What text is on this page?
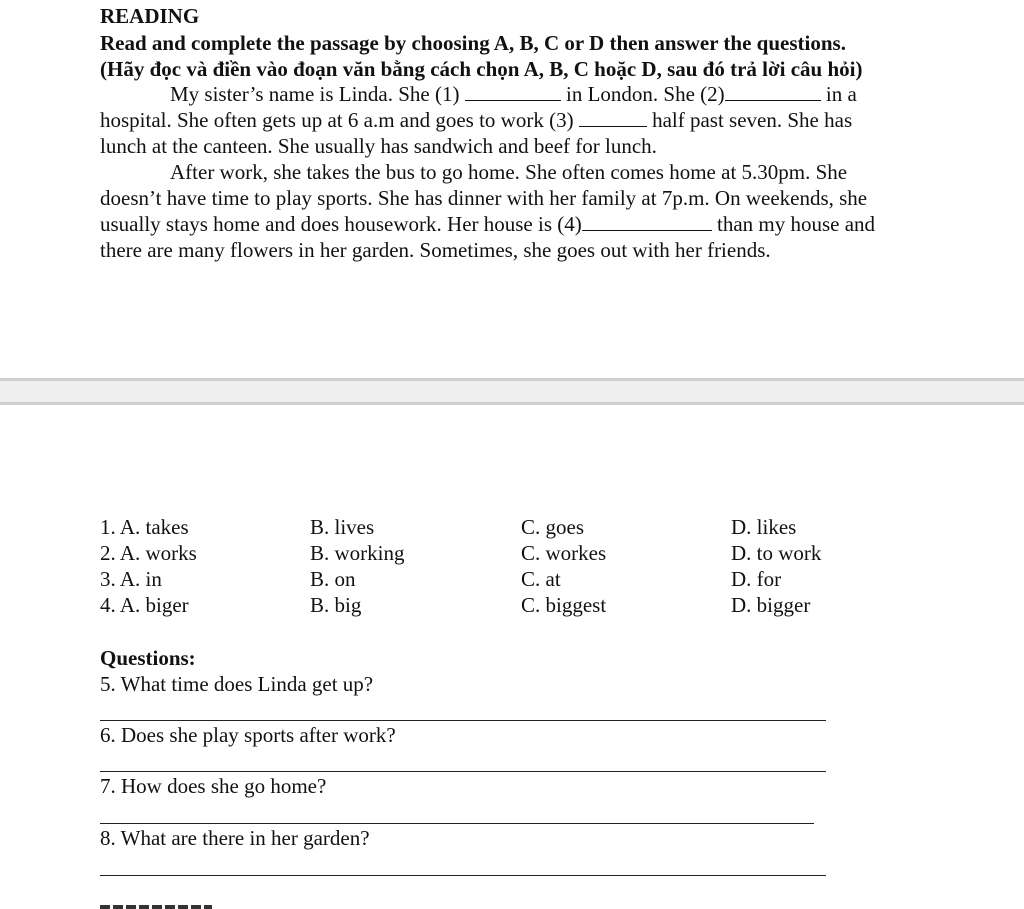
READING
Read and complete the passage by choosing A, B, C or D then answer the questions.
(Hãy đọc và điền vào đoạn văn bằng cách chọn A, B, C hoặc D, sau đó trả lời câu hỏi)
My sister’s name is Linda. She (1)	in London. She (2)	in a
hospital. She often gets up at 6 a.m and goes to work (3)	half past seven. She has
lunch at the canteen. She usually has sandwich and beef for lunch.
After work, she takes the bus to go home. She often comes home at 5.30pm. She
doesn’t have time to play sports. She has dinner with her family at 7p.m. On weekends, she
usually stays home and does housework. Her house is (4)	than my house and
there are many flowers in her garden. Sometimes, she goes out with her friends.
1. A. takes	B. lives	C. goes	D. likes
2. A. works	B. working	C. workes	D. to work
3. A. in	B. on	C. at	D. for
4. A. biger	B. big	C. biggest	D. bigger
Questions:
5. What time does Linda get up?
6. Does she play sports after work?
7. How does she go home?
8. What are there in her garden?
